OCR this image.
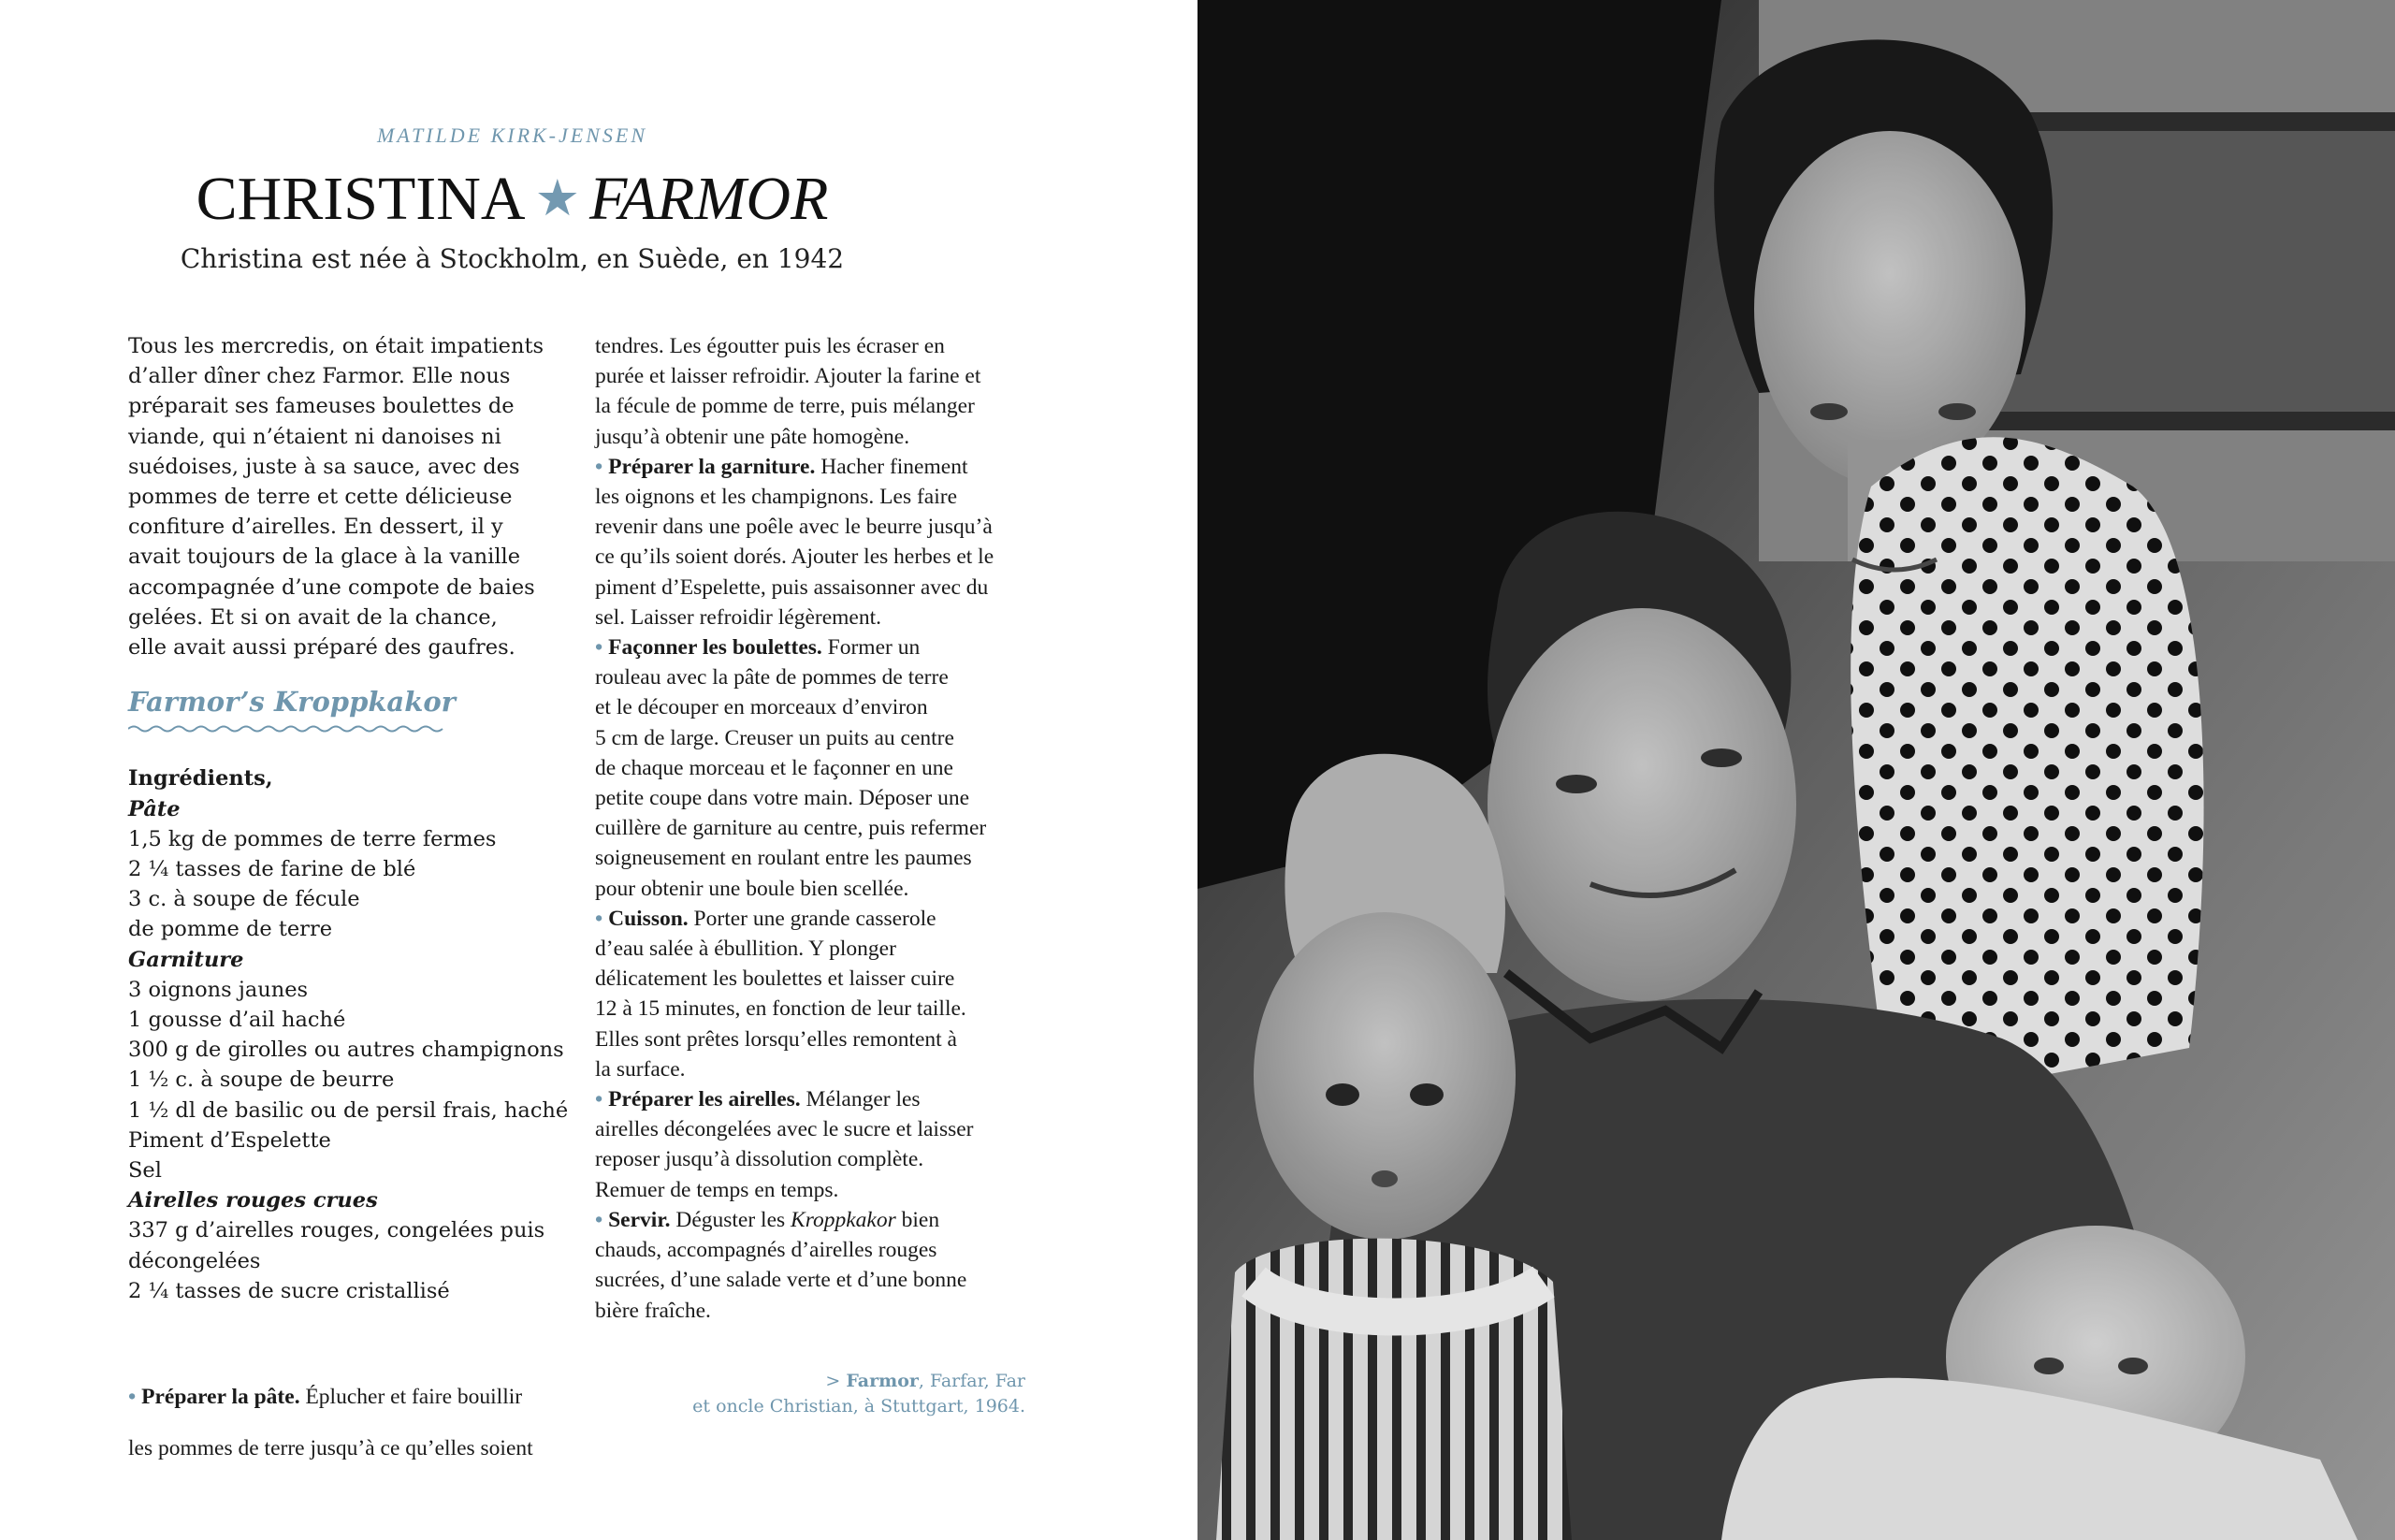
MATILDE KIRK-JENSEN
CHRISTINA ★ FARMOR
Christina est née à Stockholm, en Suède, en 1942

Tous les mercredis, on était impatients

d’aller dîner chez Farmor. Elle nous

préparait ses fameuses boulettes de

viande, qui n’étaient ni danoises ni

suédoises, juste à sa sauce, avec des

pommes de terre et cette délicieuse

confiture d’airelles. En dessert, il y

avait toujours de la glace à la vanille

accompagnée d’une compote de baies

gelées. Et si on avait de la chance,

elle avait aussi préparé des gaufres.

Farmor’s Kroppkakor

Ingrédients,

Pâte

1,5 kg de pommes de terre fermes

2 ¼ tasses de farine de blé

3 c. à soupe de fécule

de pomme de terre

Garniture

3 oignons jaunes

1 gousse d’ail haché

300 g de girolles ou autres champignons

1 ½ c. à soupe de beurre

1 ½ dl de basilic ou de persil frais, haché

Piment d’Espelette

Sel

Airelles rouges crues

337 g d’airelles rouges, congelées puis

décongelées

2 ¼ tasses de sucre cristallisé

• Préparer la pâte. Éplucher et faire bouillir

les pommes de terre jusqu’à ce qu’elles soient

tendres. Les égoutter puis les écraser en

purée et laisser refroidir. Ajouter la farine et

la fécule de pomme de terre, puis mélanger

jusqu’à obtenir une pâte homogène.

• Préparer la garniture. Hacher finement

les oignons et les champignons. Les faire

revenir dans une poêle avec le beurre jusqu’à

ce qu’ils soient dorés. Ajouter les herbes et le

piment d’Espelette, puis assaisonner avec du

sel. Laisser refroidir légèrement.

• Façonner les boulettes. Former un

rouleau avec la pâte de pommes de terre

et le découper en morceaux d’environ

5 cm de large. Creuser un puits au centre

de chaque morceau et le façonner en une

petite coupe dans votre main. Déposer une

cuillère de garniture au centre, puis refermer

soigneusement en roulant entre les paumes

pour obtenir une boule bien scellée.

• Cuisson. Porter une grande casserole

d’eau salée à ébullition. Y plonger

délicatement les boulettes et laisser cuire

12 à 15 minutes, en fonction de leur taille.

Elles sont prêtes lorsqu’elles remontent à

la surface.

• Préparer les airelles. Mélanger les

airelles décongelées avec le sucre et laisser

reposer jusqu’à dissolution complète.

Remuer de temps en temps.

• Servir. Déguster les Kroppkakor bien

chauds, accompagnés d’airelles rouges

sucrées, d’une salade verte et d’une bonne

bière fraîche.

> Farmor, Farfar, Far
et oncle Christian, à Stuttgart, 1964.
